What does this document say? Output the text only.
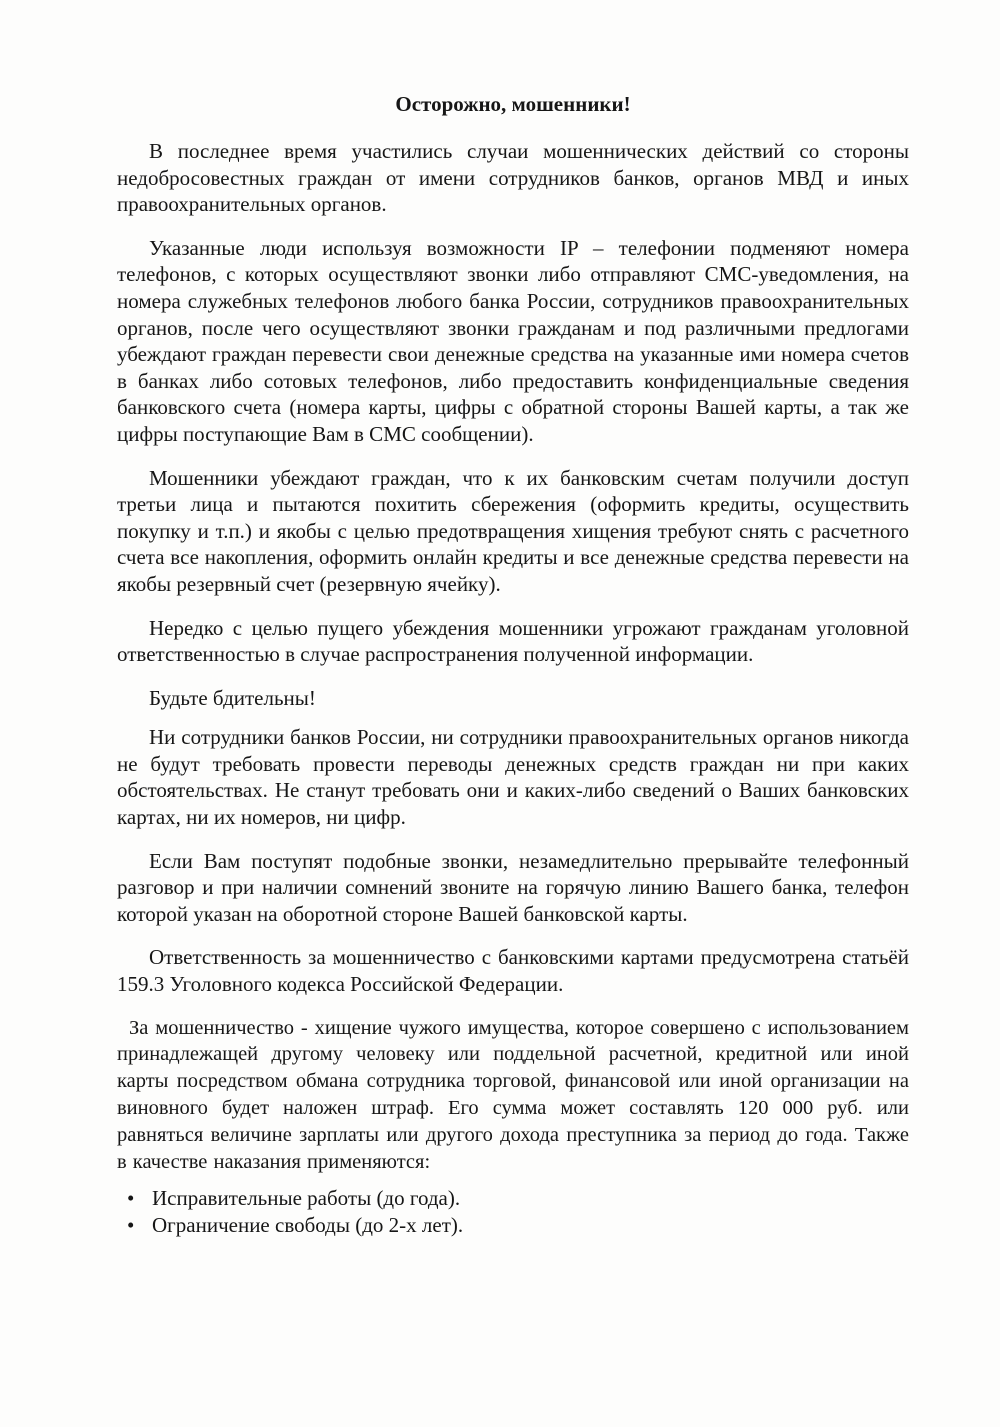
Осторожно, мошенники!

В последнее время участились случаи мошеннических действий со стороны недобросовестных граждан от имени сотрудников банков, органов МВД и иных правоохранительных органов.

Указанные люди используя возможности IP – телефонии подменяют номера телефонов, с которых осуществляют звонки либо отправляют СМС-уведомления, на номера служебных телефонов любого банка России, сотрудников правоохранительных органов, после чего осуществляют звонки гражданам и под различными предлогами убеждают граждан перевести свои денежные средства на указанные ими номера счетов в банках либо сотовых телефонов, либо предоставить конфиденциальные сведения банковского счета (номера карты, цифры с обратной стороны Вашей карты, а так же цифры поступающие Вам в СМС сообщении).

Мошенники убеждают граждан, что к их банковским счетам получили доступ третьи лица и пытаются похитить сбережения (оформить кредиты, осуществить покупку и т.п.) и якобы с целью предотвращения хищения требуют снять с расчетного счета все накопления, оформить онлайн кредиты и все денежные средства перевести на якобы резервный счет (резервную ячейку).

Нередко с целью пущего убеждения мошенники угрожают гражданам уголовной ответственностью в случае распространения полученной информации.

Будьте бдительны!

Ни сотрудники банков России, ни сотрудники правоохранительных органов никогда не будут требовать провести переводы денежных средств граждан ни при каких обстоятельствах. Не станут требовать они и каких-либо сведений о Ваших банковских картах, ни их номеров, ни цифр.

Если Вам поступят подобные звонки, незамедлительно прерывайте телефонный разговор и при наличии сомнений звоните на горячую линию Вашего банка, телефон которой указан на оборотной стороне Вашей банковской карты.

Ответственность за мошенничество с банковскими картами предусмотрена статьёй 159.3 Уголовного кодекса Российской Федерации.

За мошенничество - хищение чужого имущества, которое совершено с использованием принадлежащей другому человеку или поддельной расчетной, кредитной или иной карты посредством обмана сотрудника торговой, финансовой или иной организации на виновного будет наложен штраф. Его сумма может составлять 120 000 руб. или равняться величине зарплаты или другого дохода преступника за период до года. Также в качестве наказания применяются:

• Исправительные работы (до года).
• Ограничение свободы (до 2-х лет).
